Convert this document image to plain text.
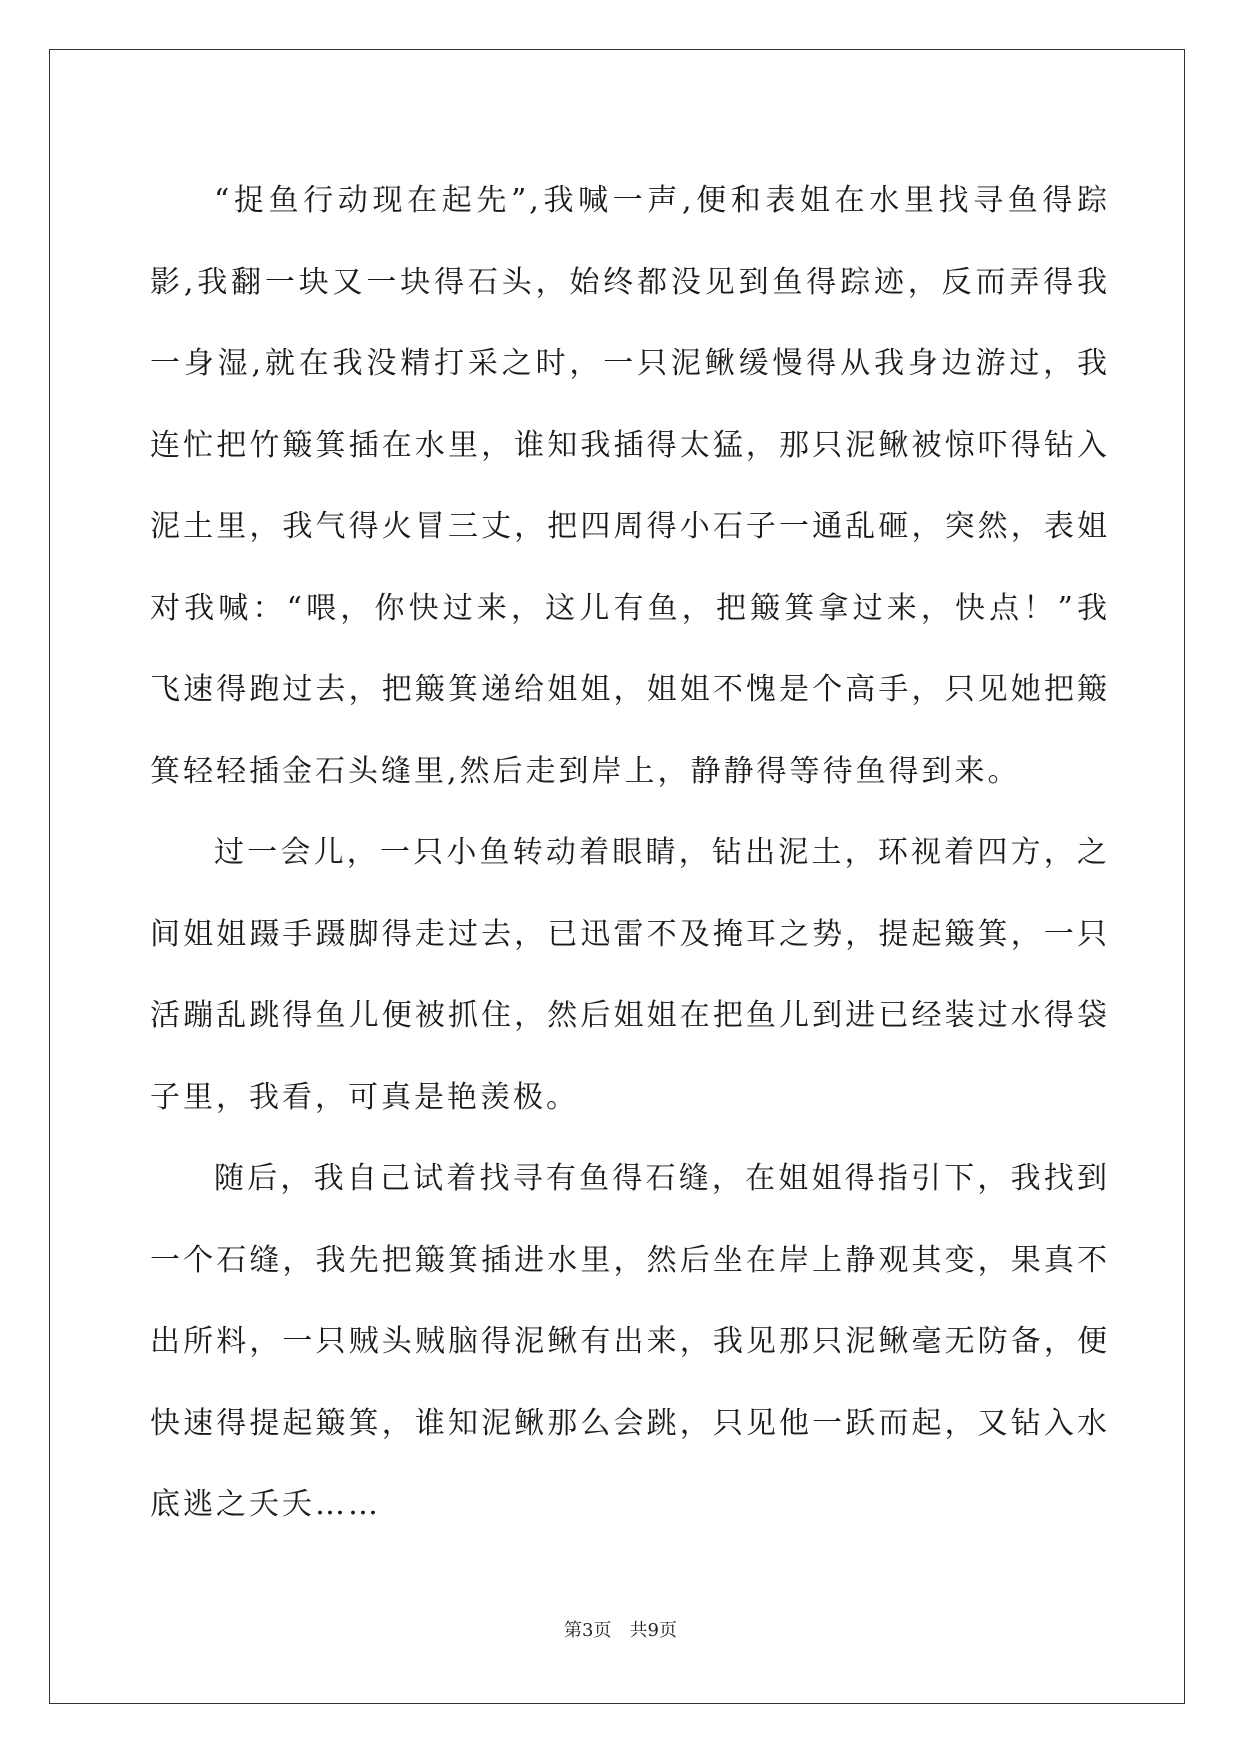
“捉鱼行动现在起先”,我喊一声,便和表姐在水里找寻鱼得踪影,我翻一块又一块得石头，始终都没见到鱼得踪迹，反而弄得我一身湿,就在我没精打采之时，一只泥鳅缓慢得从我身边游过，我连忙把竹簸箕插在水里，谁知我插得太猛，那只泥鳅被惊吓得钻入泥土里，我气得火冒三丈，把四周得小石子一通乱砸，突然，表姐对我喊：“喂，你快过来，这儿有鱼，把簸箕拿过来，快点！”我飞速得跑过去，把簸箕递给姐姐，姐姐不愧是个高手，只见她把簸箕轻轻插金石头缝里,然后走到岸上，静静得等待鱼得到来。

过一会儿，一只小鱼转动着眼睛，钻出泥土，环视着四方，之间姐姐蹑手蹑脚得走过去，已迅雷不及掩耳之势，提起簸箕，一只活蹦乱跳得鱼儿便被抓住，然后姐姐在把鱼儿到进已经装过水得袋子里，我看，可真是艳羡极。

随后，我自己试着找寻有鱼得石缝，在姐姐得指引下，我找到一个石缝，我先把簸箕插进水里，然后坐在岸上静观其变，果真不出所料，一只贼头贼脑得泥鳅有出来，我见那只泥鳅毫无防备，便快速得提起簸箕，谁知泥鳅那么会跳，只见他一跃而起，又钻入水底逃之夭夭……

第3页 共9页
